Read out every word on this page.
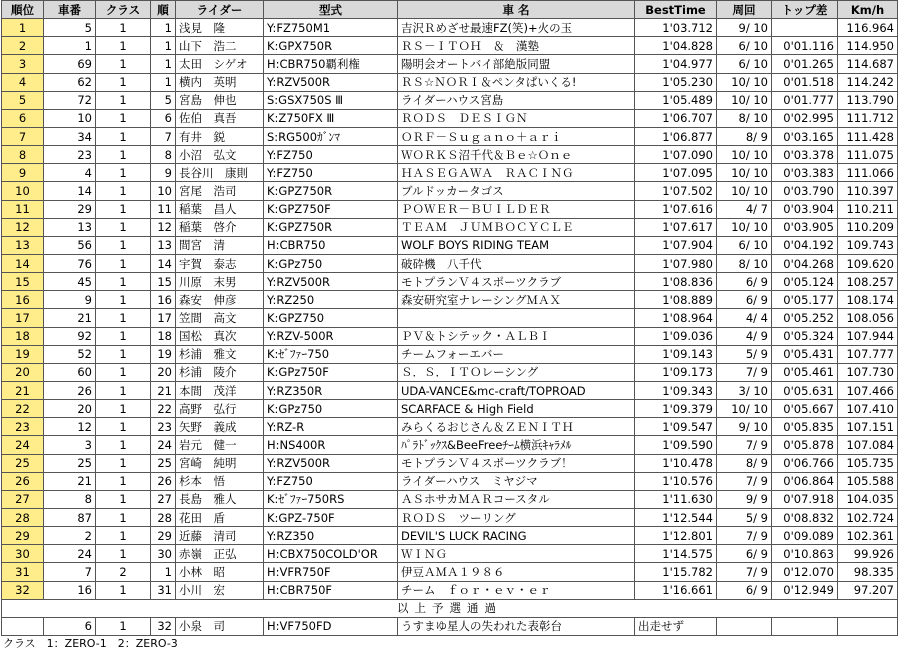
順位	車番	クラス	順	ライダー	型式	車 名	BestTime	周回	トップ差	Km/h
1	5	1	1	浅見　隆	Y:FZ750M1	吉沢Ｒめざせ最速FZ(笑)+火の玉	1'03.712	9/ 10		116.964
2	1	1	1	山下　浩二	K:GPX750R	ＲＳ－ＩＴＯＨ　＆　漢塾	1'04.828	6/ 10	0'01.116	114.950
3	69	1	1	太田　シゲオ	H:CBR750覇利権	陽明会オートバイ部絶版同盟	1'04.977	6/ 10	0'01.265	114.687
4	62	1	1	横内　英明	Y:RZV500R	ＲＳ☆ＮＯＲＩ＆ペンタぱいくる!	1'05.230	10/ 10	0'01.518	114.242
5	72	1	5	宮島　伸也	S:GSX750S Ⅲ	ライダーハウス宮島	1'05.489	10/ 10	0'01.777	113.790
6	10	1	6	佐伯　真吾	K:Z750FX Ⅲ	ＲＯＤＳ　ＤＥＳＩＧＮ	1'06.707	8/ 10	0'02.995	111.712
7	34	1	7	有井　鋭	S:RG500ｶﾞﾝﾏ	ＯＲＦ－Ｓｕｇａｎｏ＋ａｒｉ	1'06.877	8/ 9	0'03.165	111.428
8	23	1	8	小沼　弘文	Y:FZ750	ＷＯＲＫＳ沼千代＆Ｂｅ☆Ｏｎｅ	1'07.090	10/ 10	0'03.378	111.075
9	4	1	9	長谷川　康則	Y:FZ750	ＨＡＳＥＧＡＷＡ　ＲＡＣＩＮＧ	1'07.095	10/ 10	0'03.383	111.066
10	14	1	10	宮尾　浩司	K:GPZ750R	ブルドッカータゴス	1'07.502	10/ 10	0'03.790	110.397
11	29	1	11	稲葉　昌人	K:GPZ750F	ＰＯＷＥＲ－ＢＵＩＬＤＥＲ	1'07.616	4/ 7	0'03.904	110.211
12	13	1	12	稲葉　啓介	K:GPZ750R	ＴＥＡＭ　ＪＵＭＢＯＣＹＣＬＥ	1'07.617	10/ 10	0'03.905	110.209
13	56	1	13	間宮　清	H:CBR750	WOLF BOYS RIDING TEAM	1'07.904	6/ 10	0'04.192	109.743
14	76	1	14	宇賀　泰志	K:GPz750	破砕機　八千代	1'07.980	8/ 10	0'04.268	109.620
15	45	1	15	川原　末男	Y:RZV500R	モトプランＶ４スポーツクラブ	1'08.836	6/ 9	0'05.124	108.257
16	9	1	16	森安　伸彦	Y:RZ250	森安研究室ナレーシングＭＡＸ	1'08.889	6/ 9	0'05.177	108.174
17	21	1	17	笠間　高文	K:GPZ750		1'08.964	4/ 4	0'05.252	108.056
18	92	1	18	国松　真次	Y:RZV-500R	ＰＶ＆トシテック・ＡＬＢＩ	1'09.036	4/ 9	0'05.324	107.944
19	52	1	19	杉浦　雅文	K:ｾﾞﾌｧｰ750	チームフォーエバー	1'09.143	5/ 9	0'05.431	107.777
20	60	1	20	杉浦　陵介	K:GPz750F	Ｓ．Ｓ．ＩＴＯレーシング	1'09.173	7/ 9	0'05.461	107.730
21	26	1	21	本間　茂洋	Y:RZ350R	UDA-VANCE&mc-craft/TOPROAD	1'09.343	3/ 10	0'05.631	107.466
22	20	1	22	高野　弘行	K:GPz750	SCARFACE & High Field	1'09.379	10/ 10	0'05.667	107.410
23	12	1	23	矢野　義成	Y:RZ-R	みらくるおじさん＆ＺＥＮＩＴＨ	1'09.547	9/ 10	0'05.835	107.151
24	3	1	24	岩元　健一	H:NS400R	ﾊﾟﾗﾄﾞｯｸｽ&BeeFreeﾁｰﾑ横浜ｷｬﾗﾒﾙ	1'09.590	7/ 9	0'05.878	107.084
25	25	1	25	宮崎　純明	Y:RZV500R	モトプランＶ４スポーツクラブ！	1'10.478	8/ 9	0'06.766	105.735
26	21	1	26	杉本　悟	Y:FZ750	ライダーハウス　ミヤジマ	1'10.576	7/ 9	0'06.864	105.588
27	8	1	27	長島　雅人	K:ｾﾞﾌｧｰ750RS	ＡＳホサカＭＡＲコースタル	1'11.630	9/ 9	0'07.918	104.035
28	87	1	28	花田　盾	K:GPZ-750F	ＲＯＤＳ　ツーリング	1'12.544	5/ 9	0'08.832	102.724
29	2	1	29	近藤　清司	Y:RZ350	DEVIL'S LUCK RACING	1'12.801	7/ 9	0'09.089	102.361
30	24	1	30	赤嶺　正弘	H:CBX750COLD'OR	ＷＩＮＧ	1'14.575	6/ 9	0'10.863	99.926
31	7	2	1	小林　昭	H:VFR750F	伊豆ＡＭＡ１９８６	1'15.782	7/ 9	0'12.070	98.335
32	16	1	31	小川　宏	H:CBR750F	チーム　ｆｏｒ・ｅｖ・ｅｒ	1'16.661	6/ 9	0'12.949	97.207
以上予選通過										
	6	1	32	小泉　司	H:VF750FD	うすまゆ星人の失われた表彰台	出走せず			
クラス　1：ZERO-1　2：ZERO-3
